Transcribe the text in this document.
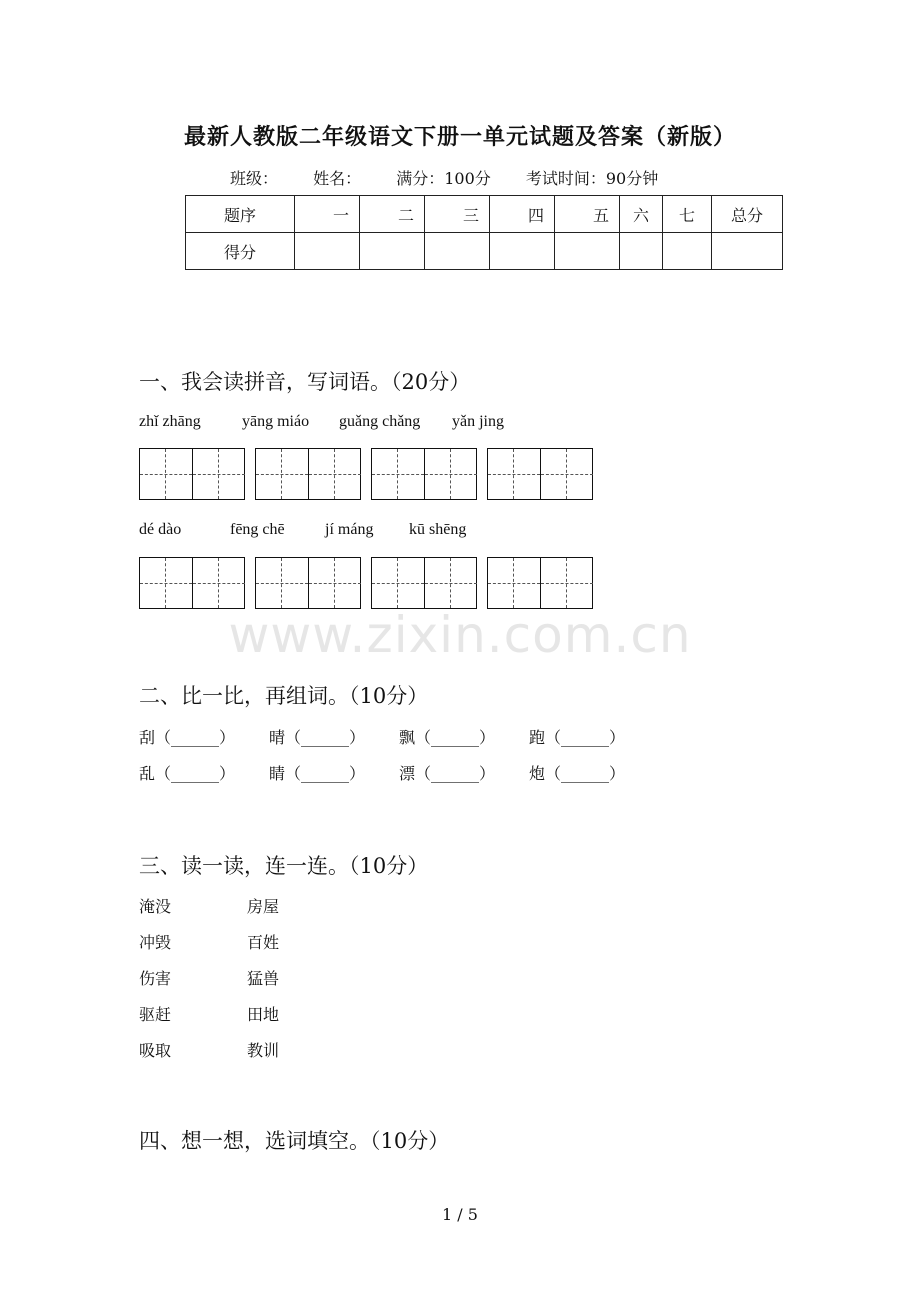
最新人教版二年级语文下册一单元试题及答案（新版）
班级： 姓名： 满分：100分 考试时间：90分钟
题序	一	二	三	四	五	六	七	总分
得分								
一、我会读拼音，写词语。（20分）
zhǐ zhāng	yāng miáo guǎng chǎng yǎn jing
dé dào	fēng chē	jí máng kū shēng
www.zixin.com.cn
二、比一比，再组词。（10分）
刮（______） 晴（______） 飘（______） 跑（______）
乱（______） 睛（______） 漂（______） 炮（______）
三、读一读，连一连。（10分）
淹没	房屋
冲毁	百姓
伤害	猛兽
驱赶	田地
吸取	教训
四、想一想，选词填空。（10分）
1 / 5
